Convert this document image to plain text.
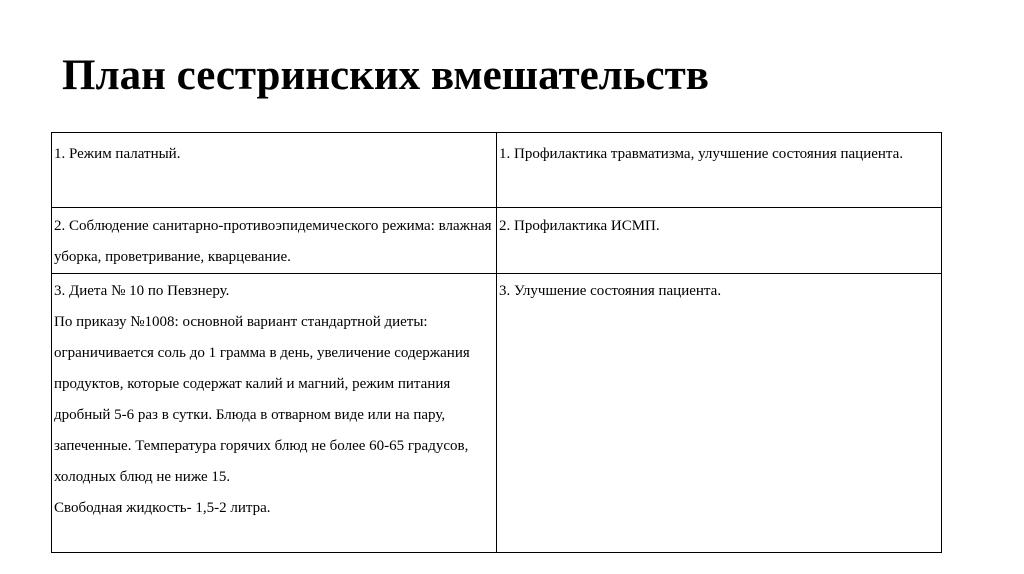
План сестринских вмешательств

1. Режим палатный.	1. Профилактика травматизма, улучшение состояния пациента.

2. Соблюдение санитарно-противоэпидемического режима: влажная уборка, проветривание, кварцевание.	2. Профилактика ИСМП.

3. Диета № 10 по Певзнеру.

По приказу №1008: основной вариант стандартной диеты: ограничивается соль до 1 грамма в день, увеличение содержания продуктов, которые содержат калий и магний, режим питания дробный 5-6 раз в сутки. Блюда в отварном виде или на пару, запеченные. Температура горячих блюд не более 60-65 градусов, холодных блюд не ниже 15.

Свободная жидкость- 1,5-2 литра.	3. Улучшение состояния пациента.
